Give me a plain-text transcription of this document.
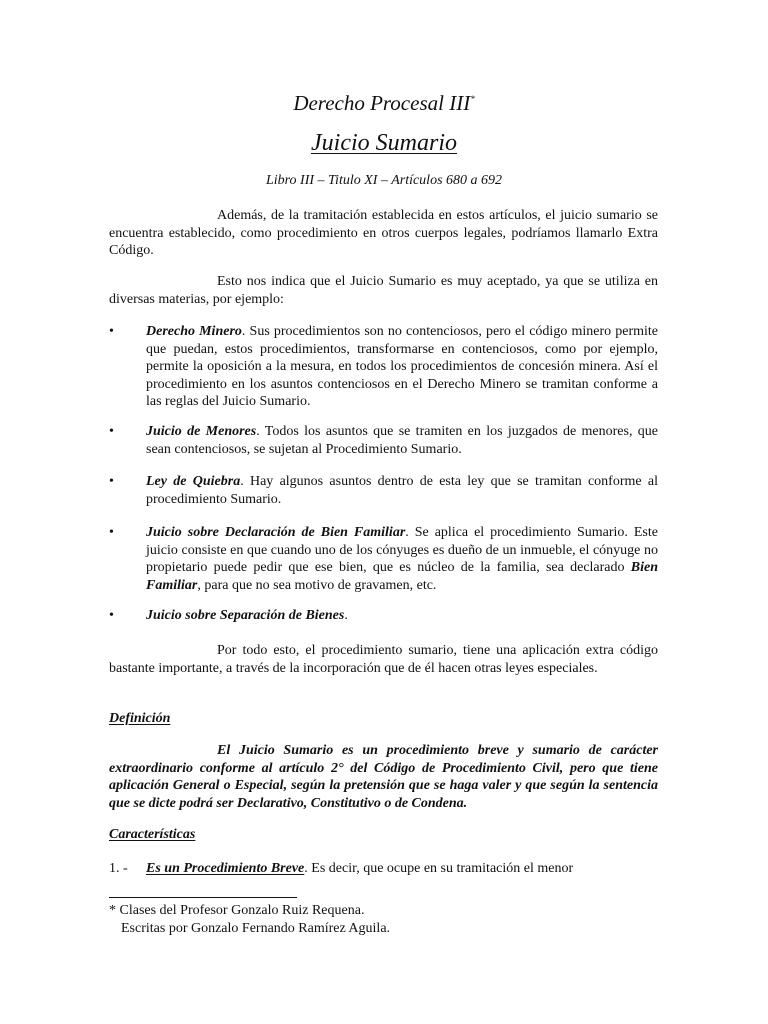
Derecho Procesal III*
Juicio Sumario
Libro III – Titulo XI – Artículos 680 a 692

Además, de la tramitación establecida en estos artículos, el juicio sumario se encuentra establecido, como procedimiento en otros cuerpos legales, podríamos llamarlo Extra Código.

Esto nos indica que el Juicio Sumario es muy aceptado, ya que se utiliza en diversas materias, por ejemplo:

• Derecho Minero. Sus procedimientos son no contenciosos, pero el código minero permite que puedan, estos procedimientos, transformarse en contenciosos, como por ejemplo, permite la oposición a la mesura, en todos los procedimientos de concesión minera. Así el procedimiento en los asuntos contenciosos en el Derecho Minero se tramitan conforme a las reglas del Juicio Sumario.

• Juicio de Menores. Todos los asuntos que se tramiten en los juzgados de menores, que sean contenciosos, se sujetan al Procedimiento Sumario.

• Ley de Quiebra. Hay algunos asuntos dentro de esta ley que se tramitan conforme al procedimiento Sumario.

• Juicio sobre Declaración de Bien Familiar. Se aplica el procedimiento Sumario. Este juicio consiste en que cuando uno de los cónyuges es dueño de un inmueble, el cónyuge no propietario puede pedir que ese bien, que es núcleo de la familia, sea declarado Bien Familiar, para que no sea motivo de gravamen, etc.

• Juicio sobre Separación de Bienes.

Por todo esto, el procedimiento sumario, tiene una aplicación extra código bastante importante, a través de la incorporación que de él hacen otras leyes especiales.

Definición

El Juicio Sumario es un procedimiento breve y sumario de carácter extraordinario conforme al artículo 2° del Código de Procedimiento Civil, pero que tiene aplicación General o Especial, según la pretensión que se haga valer y que según la sentencia que se dicte podrá ser Declarativo, Constitutivo o de Condena.

Características
1. - Es un Procedimiento Breve. Es decir, que ocupe en su tramitación el menor
* Clases del Profesor Gonzalo Ruiz Requena.
Escritas por Gonzalo Fernando Ramírez Aguila.
